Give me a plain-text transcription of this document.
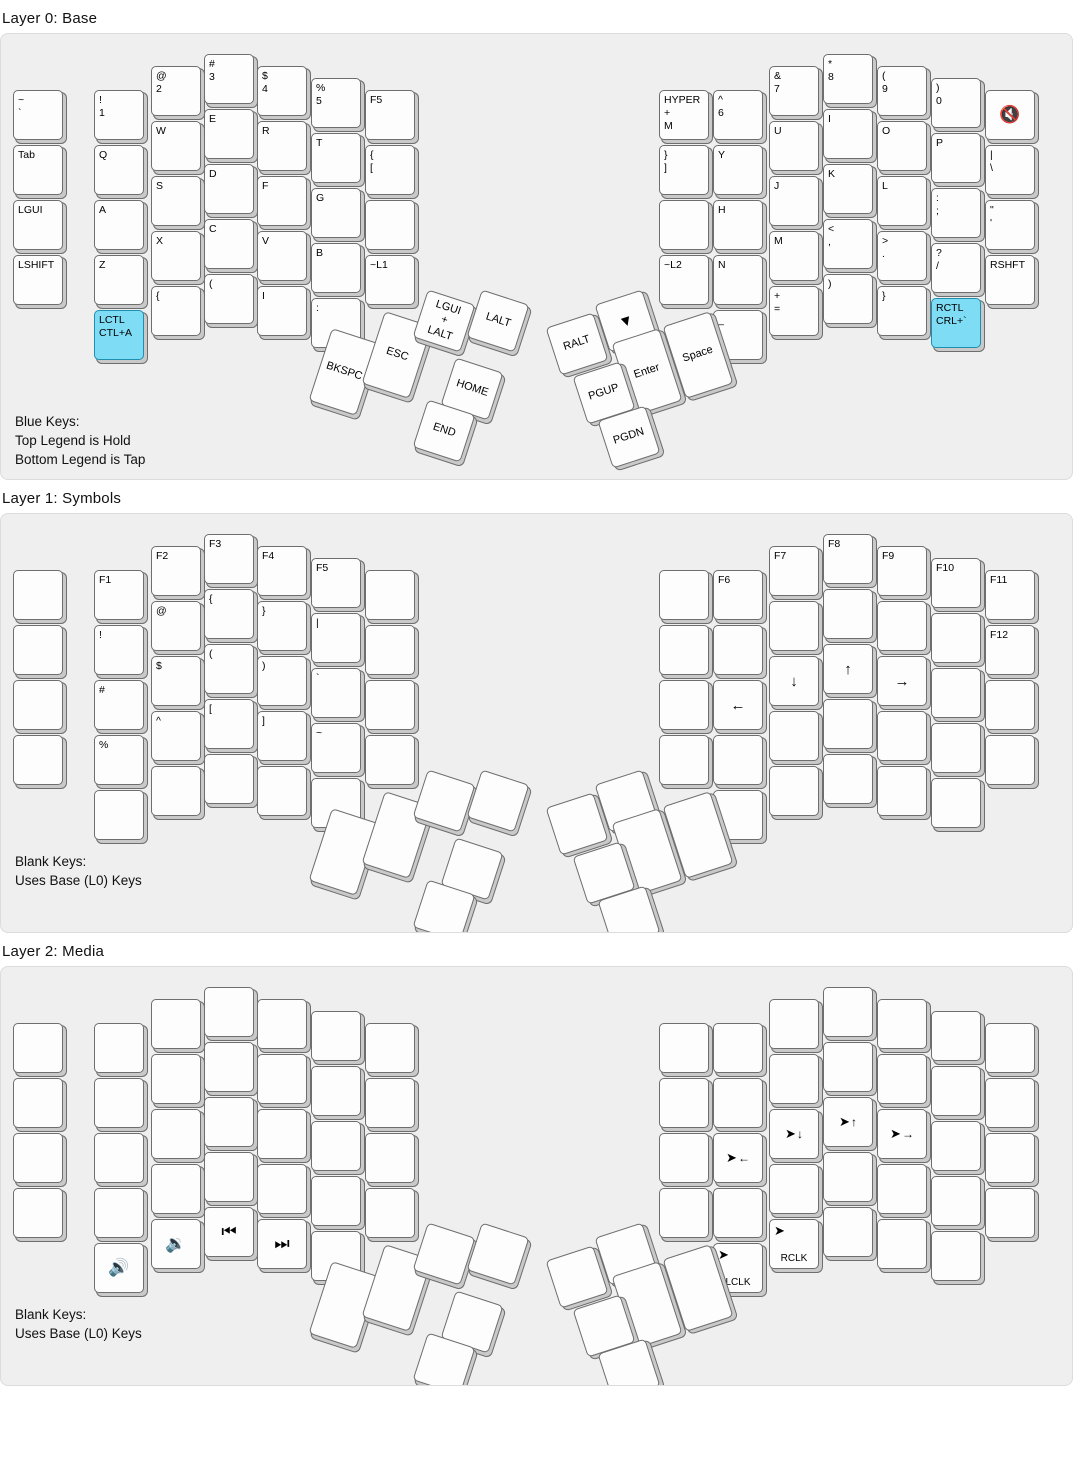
Layer 0: Base
~
`
!
1
@
2
#
3	$
4	%
5	F5
Tab	Q
W
E
R
T
{
[
LGUI	A
S
D
F
G
LSHIFT	Z
X
C
V
B
~L1
LCTL
CTL+A
{
(
I
:
HYPER
+
M
^
6
&
7
*
8	(
9	)
0
🔇
}
]
Y
U
I
O
P
|
\
H
J
K
L
:
;	"
'
~L2	N
M
<
,	>
.	?
/	RSHFT
_
-
+
=
)
}
RCTL
CRL+`
BKSPC
ESC
LGUI
+
LALT
LALT
HOME
END
RALT
▼
Enter
Space
PGUP
PGDN
Blue Keys:
Top Legend is Hold
Bottom Legend is Tap
Layer 1: Symbols
F1
F2
F3
F4
F5
!
@
{
}
|
#
$
(
)
`
%
^
[
]
~
F6
F7
F8
F9
F10
F11
F12
←
↓
↑
→
Blank Keys:
Uses Base (L0) Keys
Layer 2: Media
🔊
🔉
⏮
⏭
➤ ←
➤ ↓
➤ ↑
➤ →
➤
LCLK
➤
RCLK
Blank Keys:
Uses Base (L0) Keys
